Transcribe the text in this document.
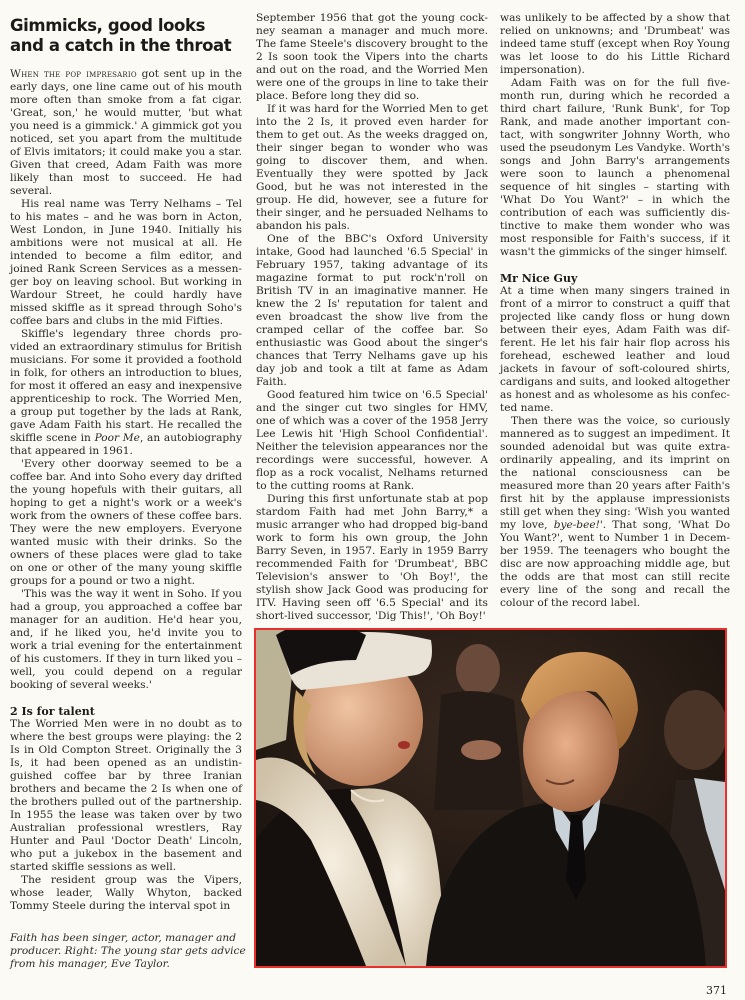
Gimmicks, good looks and a catch in the throat

When the pop impresario got sent up in the early days, one line came out of his mouth more often than smoke from a fat cigar. 'Great, son,' he would mutter, 'but what you need is a gimmick.' A gimmick got you noticed, set you apart from the multitude of Elvis imitators; it could make you a star. Given that creed, Adam Faith was more likely than most to succeed. He had several.

His real name was Terry Nelhams – Tel to his mates – and he was born in Acton, West London, in June 1940. Initially his ambitions were not musical at all. He intended to become a film editor, and joined Rank Screen Services as a messenger boy on leaving school. But working in Wardour Street, he could hardly have missed skiffle as it spread through Soho's coffee bars and clubs in the mid Fifties.

Skiffle's legendary three chords provided an extraordinary stimulus for British musicians. For some it provided a foothold in folk, for others an introduction to blues, for most it offered an easy and inexpensive apprenticeship to rock. The Worried Men, a group put together by the lads at Rank, gave Adam Faith his start. He recalled the skiffle scene in Poor Me, an autobiography that appeared in 1961.

'Every other doorway seemed to be a coffee bar. And into Soho every day drifted the young hopefuls with their guitars, all hoping to get a night's work or a week's work from the owners of these coffee bars. They were the new employers. Everyone wanted music with their drinks. So the owners of these places were glad to take on one or other of the many young skiffle groups for a pound or two a night.

'This was the way it went in Soho. If you had a group, you approached a coffee bar manager for an audition. He'd hear you, and, if he liked you, he'd invite you to work a trial evening for the entertainment of his customers. If they in turn liked you – well, you could depend on a regular booking of several weeks.'

2 Is for talent

The Worried Men were in no doubt as to where the best groups were playing: the 2 Is in Old Compton Street. Originally the 3 Is, it had been opened as an undistinguished coffee bar by three Iranian brothers and became the 2 Is when one of the brothers pulled out of the partnership. In 1955 the lease was taken over by two Australian professional wrestlers, Ray Hunter and Paul 'Doctor Death' Lincoln, who put a jukebox in the basement and started skiffle sessions as well.

The resident group was the Vipers, whose leader, Wally Whyton, backed Tommy Steele during the interval spot in

September 1956 that got the young cockney seaman a manager and much more. The fame Steele's discovery brought to the 2 Is soon took the Vipers into the charts and out on the road, and the Worried Men were one of the groups in line to take their place. Before long they did so.

If it was hard for the Worried Men to get into the 2 Is, it proved even harder for them to get out. As the weeks dragged on, their singer began to wonder who was going to discover them, and when. Eventually they were spotted by Jack Good, but he was not interested in the group. He did, however, see a future for their singer, and he persuaded Nelhams to abandon his pals.

One of the BBC's Oxford University intake, Good had launched '6.5 Special' in February 1957, taking advantage of its magazine format to put rock'n'roll on British TV in an imaginative manner. He knew the 2 Is' reputation for talent and even broadcast the show live from the cramped cellar of the coffee bar. So enthusiastic was Good about the singer's chances that Terry Nelhams gave up his day job and took a tilt at fame as Adam Faith.

Good featured him twice on '6.5 Special' and the singer cut two singles for HMV, one of which was a cover of the 1958 Jerry Lee Lewis hit 'High School Confidential'. Neither the television appearances nor the recordings were successful, however. A flop as a rock vocalist, Nelhams returned to the cutting rooms at Rank.

During this first unfortunate stab at pop stardom Faith had met John Barry,* a music arranger who had dropped big-band work to form his own group, the John Barry Seven, in 1957. Early in 1959 Barry recommended Faith for 'Drumbeat', BBC Television's answer to 'Oh Boy!', the stylish show Jack Good was producing for ITV. Having seen off '6.5 Special' and its short-lived successor, 'Dig This!', 'Oh Boy!'

was unlikely to be affected by a show that relied on unknowns; and 'Drumbeat' was indeed tame stuff (except when Roy Young was let loose to do his Little Richard impersonation).

Adam Faith was on for the full five-month run, during which he recorded a third chart failure, 'Runk Bunk', for Top Rank, and made another important contact, with songwriter Johnny Worth, who used the pseudonym Les Vandyke. Worth's songs and John Barry's arrangements were soon to launch a phenomenal sequence of hit singles – starting with 'What Do You Want?' – in which the contribution of each was sufficiently distinctive to make them wonder who was most responsible for Faith's success, if it wasn't the gimmicks of the singer himself.

Mr Nice Guy

At a time when many singers trained in front of a mirror to construct a quiff that projected like candy floss or hung down between their eyes, Adam Faith was different. He let his fair hair flop across his forehead, eschewed leather and loud jackets in favour of soft-coloured shirts, cardigans and suits, and looked altogether as honest and as wholesome as his confected name.

Then there was the voice, so curiously mannered as to suggest an impediment. It sounded adenoidal but was quite extraordinarily appealing, and its imprint on the national consciousness can be measured more than 20 years after Faith's first hit by the applause impressionists still get when they sing: 'Wish you wanted my love, bye-bee!'. That song, 'What Do You Want?', went to Number 1 in December 1959. The teenagers who bought the disc are now approaching middle age, but the odds are that most can still recite every line of the song and recall the colour of the record label.

Faith has been singer, actor, manager and producer. Right: The young star gets advice from his manager, Eve Taylor.
371
